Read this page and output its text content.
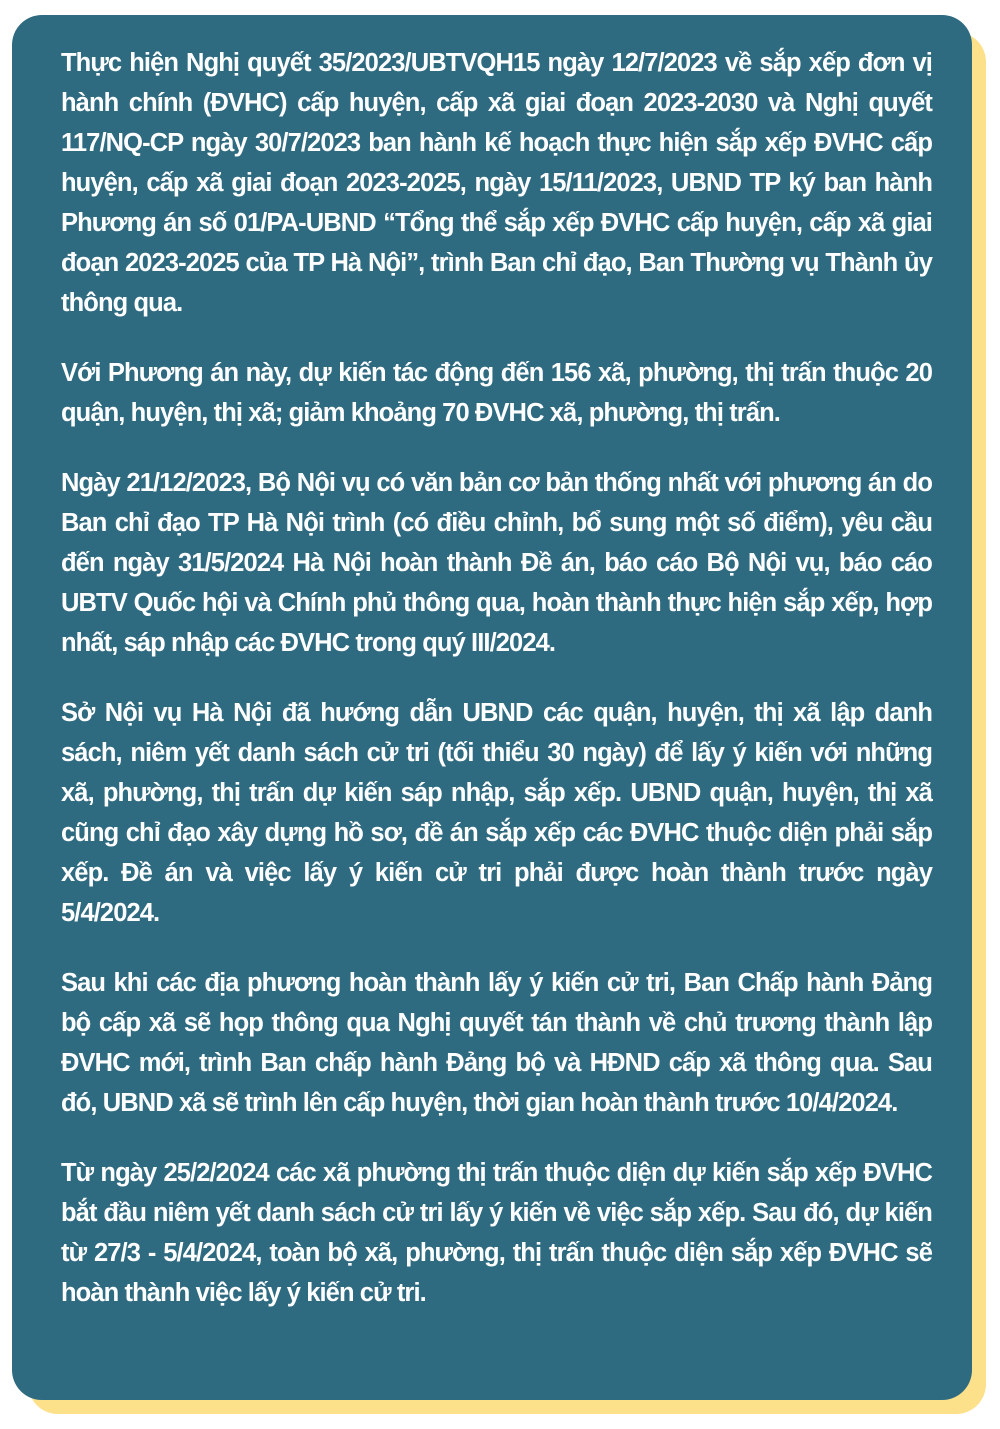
Thực hiện Nghị quyết 35/2023/UBTVQH15 ngày 12/7/2023 về sắp xếp đơn vị hành chính (ĐVHC) cấp huyện, cấp xã giai đoạn 2023-2030 và Nghị quyết 117/NQ-CP ngày 30/7/2023 ban hành kế hoạch thực hiện sắp xếp ĐVHC cấp huyện, cấp xã giai đoạn 2023-2025, ngày 15/11/2023, UBND TP ký ban hành Phương án số 01/PA-UBND “Tổng thể sắp xếp ĐVHC cấp huyện, cấp xã giai đoạn 2023-2025 của TP Hà Nội”, trình Ban chỉ đạo, Ban Thường vụ Thành ủy thông qua.

Với Phương án này, dự kiến tác động đến 156 xã, phường, thị trấn thuộc 20 quận, huyện, thị xã; giảm khoảng 70 ĐVHC xã, phường, thị trấn.

Ngày 21/12/2023, Bộ Nội vụ có văn bản cơ bản thống nhất với phương án do Ban chỉ đạo TP Hà Nội trình (có điều chỉnh, bổ sung một số điểm), yêu cầu đến ngày 31/5/2024 Hà Nội hoàn thành Đề án, báo cáo Bộ Nội vụ, báo cáo UBTV Quốc hội và Chính phủ thông qua, hoàn thành thực hiện sắp xếp, hợp nhất, sáp nhập các ĐVHC trong quý III/2024.

Sở Nội vụ Hà Nội đã hướng dẫn UBND các quận, huyện, thị xã lập danh sách, niêm yết danh sách cử tri (tối thiểu 30 ngày) để lấy ý kiến với những xã, phường, thị trấn dự kiến sáp nhập, sắp xếp. UBND quận, huyện, thị xã cũng chỉ đạo xây dựng hồ sơ, đề án sắp xếp các ĐVHC thuộc diện phải sắp xếp. Đề án và việc lấy ý kiến cử tri phải được hoàn thành trước ngày 5/4/2024.

Sau khi các địa phương hoàn thành lấy ý kiến cử tri, Ban Chấp hành Đảng bộ cấp xã sẽ họp thông qua Nghị quyết tán thành về chủ trương thành lập ĐVHC mới, trình Ban chấp hành Đảng bộ và HĐND cấp xã thông qua. Sau đó, UBND xã sẽ trình lên cấp huyện, thời gian hoàn thành trước 10/4/2024.

Từ ngày 25/2/2024 các xã phường thị trấn thuộc diện dự kiến sắp xếp ĐVHC bắt đầu niêm yết danh sách cử tri lấy ý kiến về việc sắp xếp. Sau đó, dự kiến từ 27/3 - 5/4/2024, toàn bộ xã, phường, thị trấn thuộc diện sắp xếp ĐVHC sẽ hoàn thành việc lấy ý kiến cử tri.
